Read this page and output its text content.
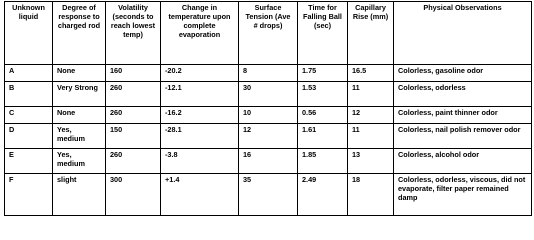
Unknown liquid	Degree of response to charged rod	Volatility (seconds to reach lowest temp)	Change in temperature upon complete evaporation	Surface Tension (Ave # drops)	Time for Falling Ball (sec)	Capillary Rise (mm)	Physical Observations
A	None	160	-20.2	8	1.75	16.5	Colorless, gasoline odor
B	Very Strong	260	-12.1	30	1.53	11	Colorless, odorless
C	None	260	-16.2	10	0.56	12	Colorless, paint thinner odor
D	Yes, medium	150	-28.1	12	1.61	11	Colorless, nail polish remover odor
E	Yes, medium	260	-3.8	16	1.85	13	Colorless, alcohol odor
F	slight	300	+1.4	35	2.49	18	Colorless, odorless, viscous, did not evaporate, filter paper remained damp
